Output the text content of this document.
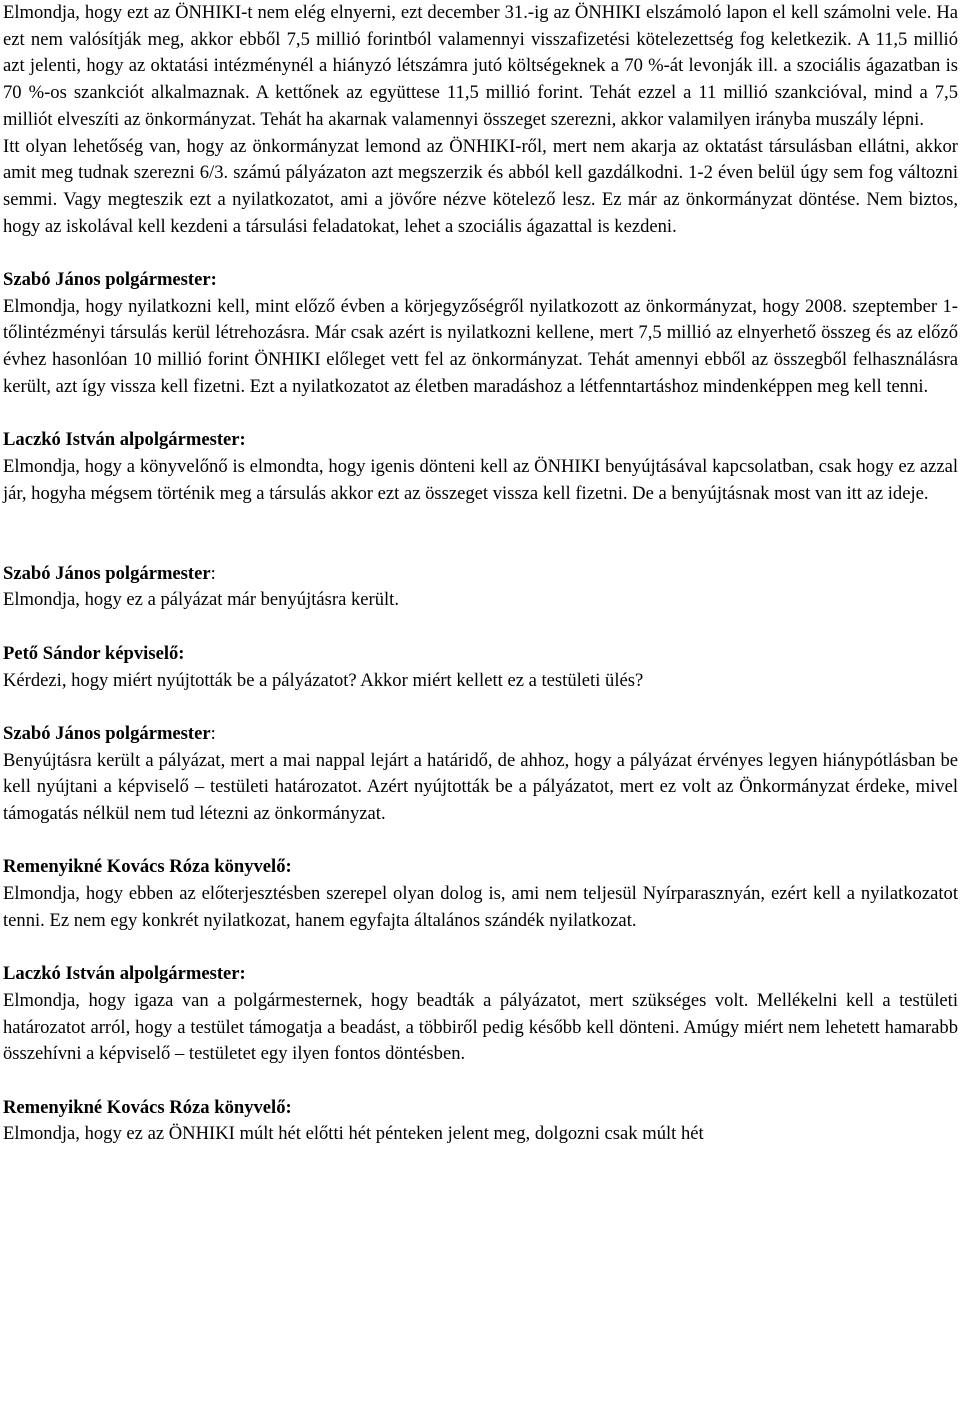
Elmondja, hogy ezt az ÖNHIKI-t nem elég elnyerni, ezt december 31.-ig az ÖNHIKI elszámoló lapon el kell számolni vele. Ha ezt nem valósítják meg, akkor ebből 7,5 millió forintból valamennyi visszafizetési kötelezettség fog keletkezik. A 11,5 millió azt jelenti, hogy az oktatási intézménynél a hiányzó létszámra jutó költségeknek a 70 %-át levonják ill. a szociális ágazatban is 70 %-os szankciót alkalmaznak. A kettőnek az együttese 11,5 millió forint. Tehát ezzel a 11 millió szankcióval, mind a 7,5 milliót elveszíti az önkormányzat. Tehát ha akarnak valamennyi összeget szerezni, akkor valamilyen irányba muszály lépni.

Itt olyan lehetőség van, hogy az önkormányzat lemond az ÖNHIKI-ről, mert nem akarja az oktatást társulásban ellátni, akkor amit meg tudnak szerezni 6/3. számú pályázaton azt megszerzik és abból kell gazdálkodni. 1-2 éven belül úgy sem fog változni semmi. Vagy megteszik ezt a nyilatkozatot, ami a jövőre nézve kötelező lesz. Ez már az önkormányzat döntése. Nem biztos, hogy az iskolával kell kezdeni a társulási feladatokat, lehet a szociális ágazattal is kezdeni.

Szabó János polgármester:

Elmondja, hogy nyilatkozni kell, mint előző évben a körjegyzőségről nyilatkozott az önkormányzat, hogy 2008. szeptember 1-tőlintézményi társulás kerül létrehozásra. Már csak azért is nyilatkozni kellene, mert 7,5 millió az elnyerhető összeg és az előző évhez hasonlóan 10 millió forint ÖNHIKI előleget vett fel az önkormányzat. Tehát amennyi ebből az összegből felhasználásra került, azt így vissza kell fizetni. Ezt a nyilatkozatot az életben maradáshoz a létfenntartáshoz mindenképpen meg kell tenni.

Laczkó István alpolgármester:

Elmondja, hogy a könyvelőnő is elmondta, hogy igenis dönteni kell az ÖNHIKI benyújtásával kapcsolatban, csak hogy ez azzal jár, hogyha mégsem történik meg a társulás akkor ezt az összeget vissza kell fizetni. De a benyújtásnak most van itt az ideje.

Szabó János polgármester:

Elmondja, hogy ez a pályázat már benyújtásra került.

Pető Sándor képviselő:

Kérdezi, hogy miért nyújtották be a pályázatot? Akkor miért kellett ez a testületi ülés?

Szabó János polgármester:

Benyújtásra került a pályázat, mert a mai nappal lejárt a határidő, de ahhoz, hogy a pályázat érvényes legyen hiánypótlásban be kell nyújtani a képviselő – testületi határozatot. Azért nyújtották be a pályázatot, mert ez volt az Önkormányzat érdeke, mivel támogatás nélkül nem tud létezni az önkormányzat.

Remenyikné Kovács Róza könyvelő:

Elmondja, hogy ebben az előterjesztésben szerepel olyan dolog is, ami nem teljesül Nyírparasznyán, ezért kell a nyilatkozatot tenni. Ez nem egy konkrét nyilatkozat, hanem egyfajta általános szándék nyilatkozat.

Laczkó István alpolgármester:

Elmondja, hogy igaza van a polgármesternek, hogy beadták a pályázatot, mert szükséges volt. Mellékelni kell a testületi határozatot arról, hogy a testület támogatja a beadást, a többiről pedig később kell dönteni. Amúgy miért nem lehetett hamarabb összehívni a képviselő – testületet egy ilyen fontos döntésben.

Remenyikné Kovács Róza könyvelő:

Elmondja, hogy ez az ÖNHIKI múlt hét előtti hét pénteken jelent meg, dolgozni csak múlt hét
